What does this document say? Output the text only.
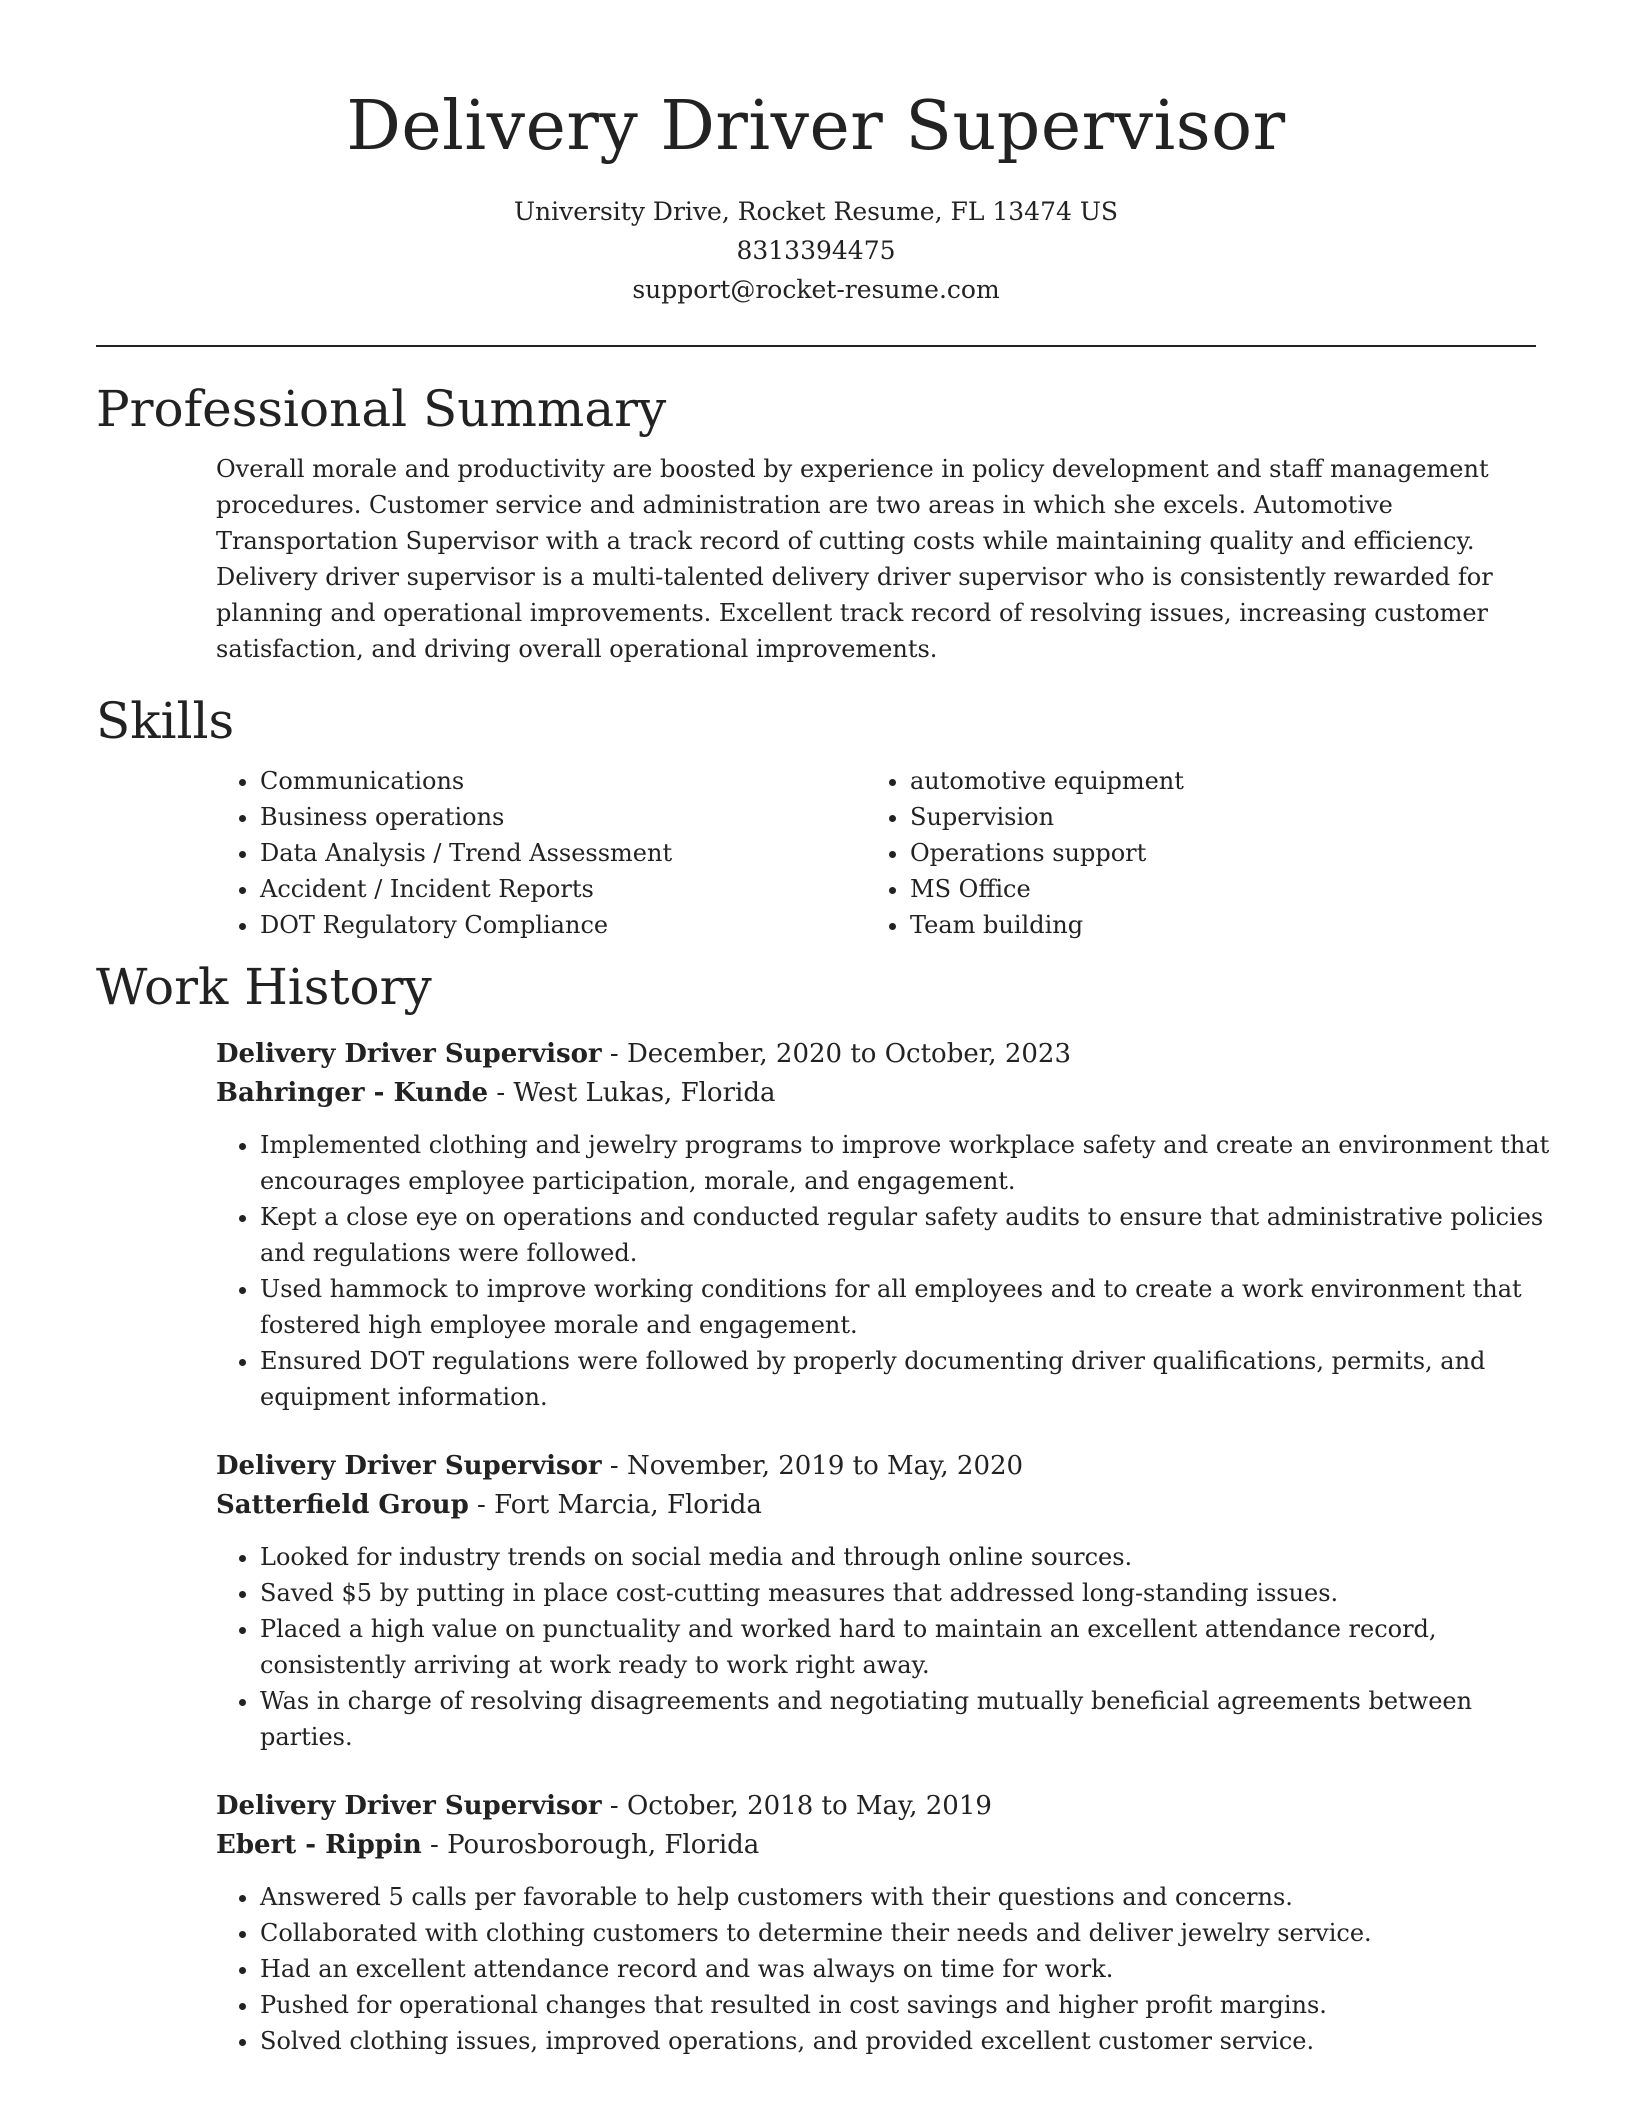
Delivery Driver Supervisor
University Drive, Rocket Resume, FL 13474 US
8313394475
support@rocket-resume.com
Professional Summary
Overall morale and productivity are boosted by experience in policy development and staff management procedures. Customer service and administration are two areas in which she excels. Automotive Transportation Supervisor with a track record of cutting costs while maintaining quality and efficiency. Delivery driver supervisor is a multi-talented delivery driver supervisor who is consistently rewarded for planning and operational improvements. Excellent track record of resolving issues, increasing customer satisfaction, and driving overall operational improvements.
Skills
• Communications
• Business operations
• Data Analysis / Trend Assessment
• Accident / Incident Reports
• DOT Regulatory Compliance
• automotive equipment
• Supervision
• Operations support
• MS Office
• Team building
Work History
Delivery Driver Supervisor - December, 2020 to October, 2023
Bahringer - Kunde - West Lukas, Florida
• Implemented clothing and jewelry programs to improve workplace safety and create an environment that encourages employee participation, morale, and engagement.
• Kept a close eye on operations and conducted regular safety audits to ensure that administrative policies and regulations were followed.
• Used hammock to improve working conditions for all employees and to create a work environment that fostered high employee morale and engagement.
• Ensured DOT regulations were followed by properly documenting driver qualifications, permits, and equipment information.
Delivery Driver Supervisor - November, 2019 to May, 2020
Satterfield Group - Fort Marcia, Florida
• Looked for industry trends on social media and through online sources.
• Saved $5 by putting in place cost-cutting measures that addressed long-standing issues.
• Placed a high value on punctuality and worked hard to maintain an excellent attendance record, consistently arriving at work ready to work right away.
• Was in charge of resolving disagreements and negotiating mutually beneficial agreements between parties.
Delivery Driver Supervisor - October, 2018 to May, 2019
Ebert - Rippin - Pourosborough, Florida
• Answered 5 calls per favorable to help customers with their questions and concerns.
• Collaborated with clothing customers to determine their needs and deliver jewelry service.
• Had an excellent attendance record and was always on time for work.
• Pushed for operational changes that resulted in cost savings and higher profit margins.
• Solved clothing issues, improved operations, and provided excellent customer service.
